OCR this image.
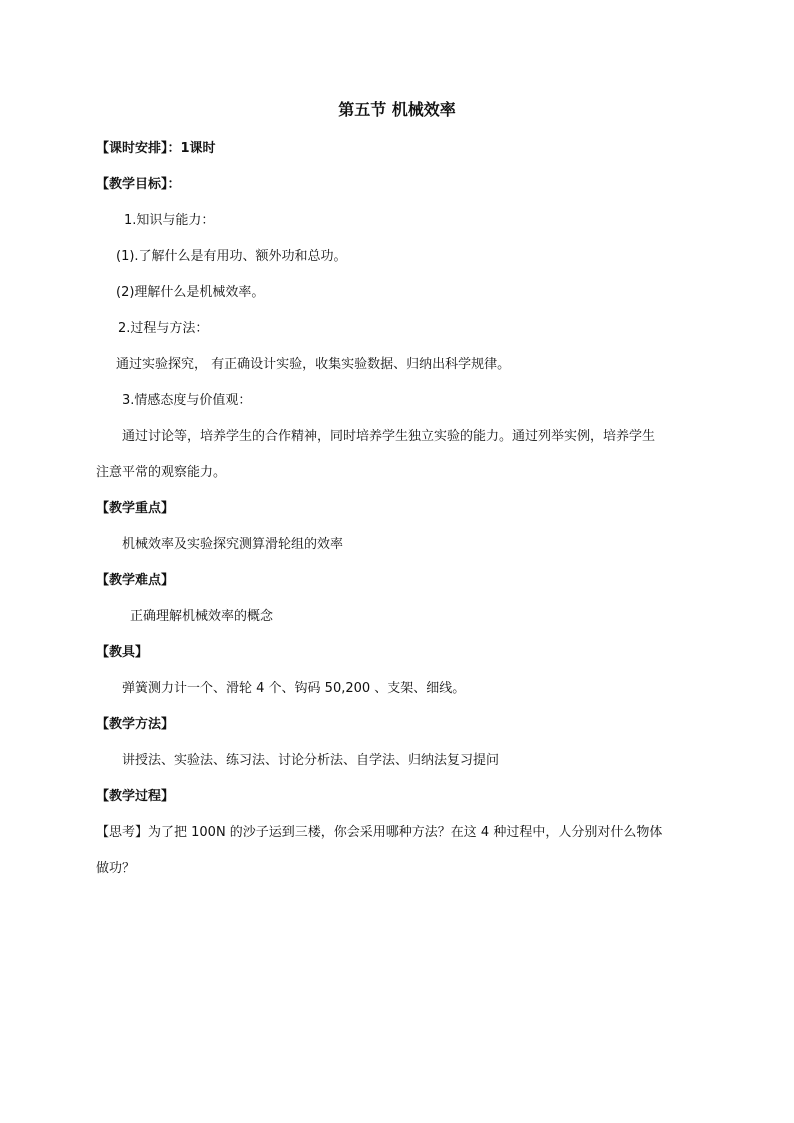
第五节 机械效率
【课时安排】：1课时
【教学目标】：
1.知识与能力：
(1).了解什么是有用功、额外功和总功。
(2)理解什么是机械效率。
2.过程与方法：
通过实验探究， 有正确设计实验，收集实验数据、归纳出科学规律。
3.情感态度与价值观：
通过讨论等，培养学生的合作精神，同时培养学生独立实验的能力。通过列举实例，培养学生
注意平常的观察能力。
【教学重点】
机械效率及实验探究测算滑轮组的效率
【教学难点】
正确理解机械效率的概念
【教具】
弹簧测力计一个、滑轮 4 个、钩码 50,200 、支架、细线。
【教学方法】
讲授法、实验法、练习法、讨论分析法、自学法、归纳法复习提问
【教学过程】
【思考】为了把 100N 的沙子运到三楼，你会采用哪种方法？在这 4 种过程中，人分别对什么物体
做功？
